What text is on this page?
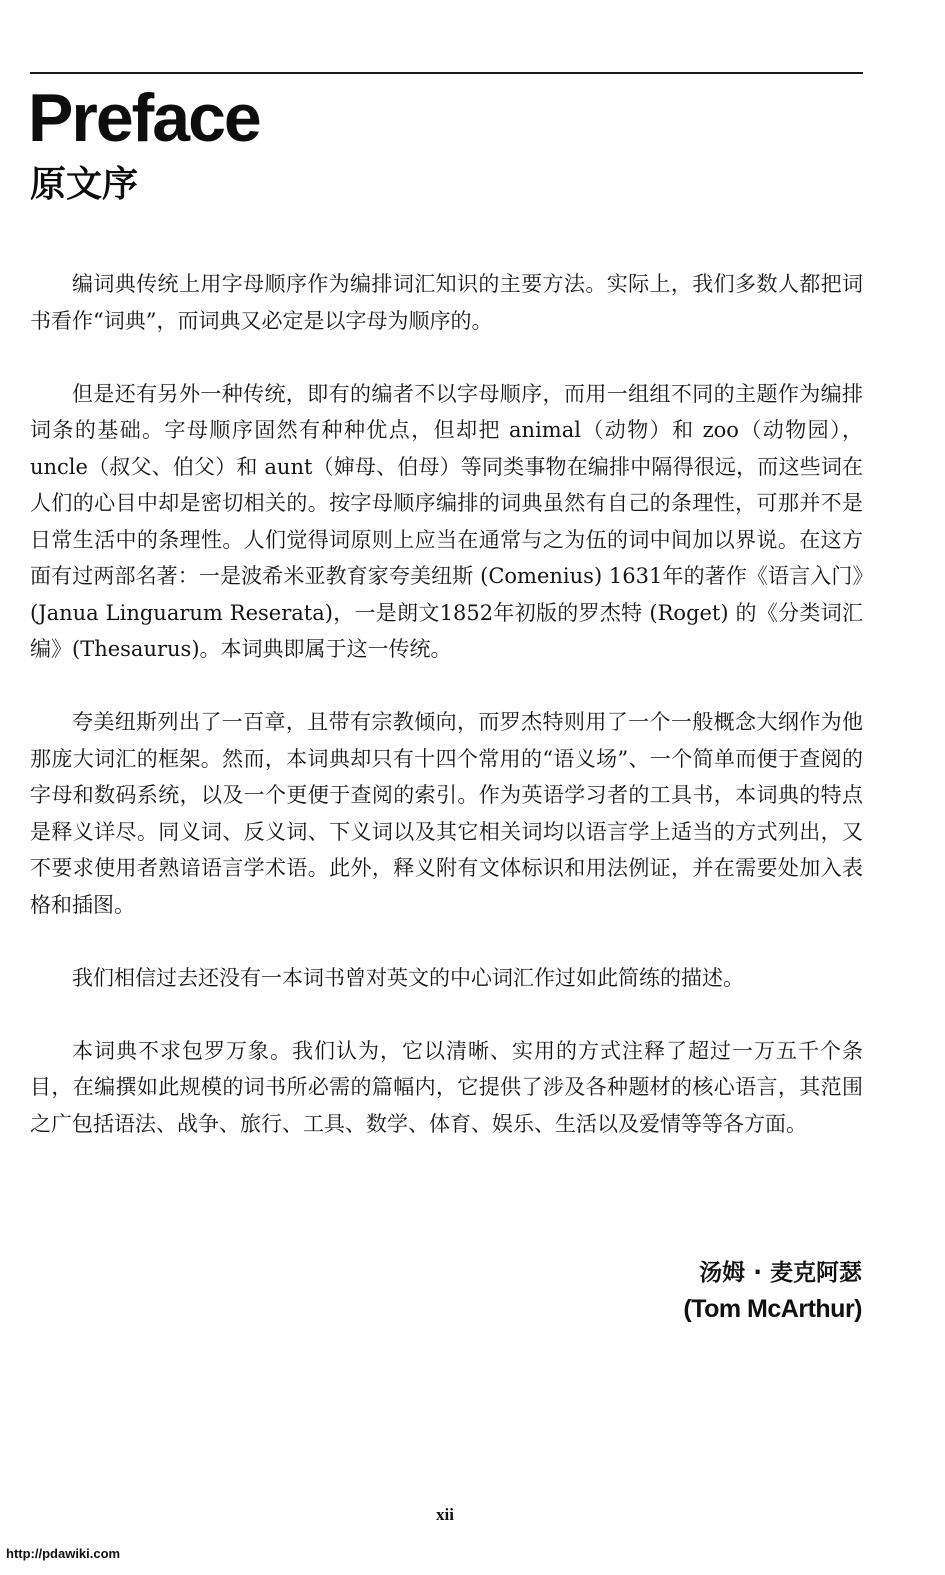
Preface
原文序

编词典传统上用字母顺序作为编排词汇知识的主要方法。实际上，我们多数人都把词书看作“词典”，而词典又必定是以字母为顺序的。

但是还有另外一种传统，即有的编者不以字母顺序，而用一组组不同的主题作为编排词条的基础。字母顺序固然有种种优点，但却把 animal（动物）和 zoo（动物园），uncle（叔父、伯父）和 aunt（婶母、伯母）等同类事物在编排中隔得很远，而这些词在人们的心目中却是密切相关的。按字母顺序编排的词典虽然有自己的条理性，可那并不是日常生活中的条理性。人们觉得词原则上应当在通常与之为伍的词中间加以界说。在这方面有过两部名著：一是波希米亚教育家夸美纽斯 (Comenius) 1631年的著作《语言入门》(Janua Linguarum Reserata)，一是朗文1852年初版的罗杰特 (Roget) 的《分类词汇编》(Thesaurus)。本词典即属于这一传统。

夸美纽斯列出了一百章，且带有宗教倾向，而罗杰特则用了一个一般概念大纲作为他那庞大词汇的框架。然而，本词典却只有十四个常用的“语义场”、一个简单而便于查阅的字母和数码系统，以及一个更便于查阅的索引。作为英语学习者的工具书，本词典的特点是释义详尽。同义词、反义词、下义词以及其它相关词均以语言学上适当的方式列出，又不要求使用者熟谙语言学术语。此外，释义附有文体标识和用法例证，并在需要处加入表格和插图。

我们相信过去还没有一本词书曾对英文的中心词汇作过如此简练的描述。

本词典不求包罗万象。我们认为，它以清晰、实用的方式注释了超过一万五千个条目，在编撰如此规模的词书所必需的篇幅内，它提供了涉及各种题材的核心语言，其范围之广包括语法、战争、旅行、工具、数学、体育、娱乐、生活以及爱情等等各方面。

汤姆 · 麦克阿瑟
(Tom McArthur)
xii
http://pdawiki.com
